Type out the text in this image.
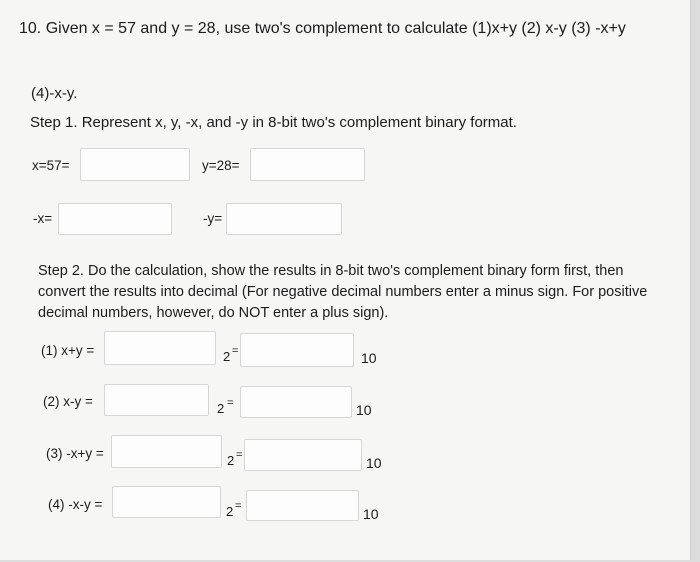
10. Given x = 57 and y = 28, use two's complement to calculate (1)x+y (2) x-y (3) -x+y
(4)-x-y.
Step 1. Represent x, y, -x, and -y in 8-bit two's complement binary format.
x=57=	y=28=
-x=	-y=
Step 2. Do the calculation, show the results in 8-bit two's complement binary form first, then convert the results into decimal (For negative decimal numbers enter a minus sign. For positive decimal numbers, however, do NOT enter a plus sign).
(1) x+y =	2 =	10
(2) x-y =	2 =	10
(3) -x+y =	2 =	10
(4) -x-y =	2 =	10
